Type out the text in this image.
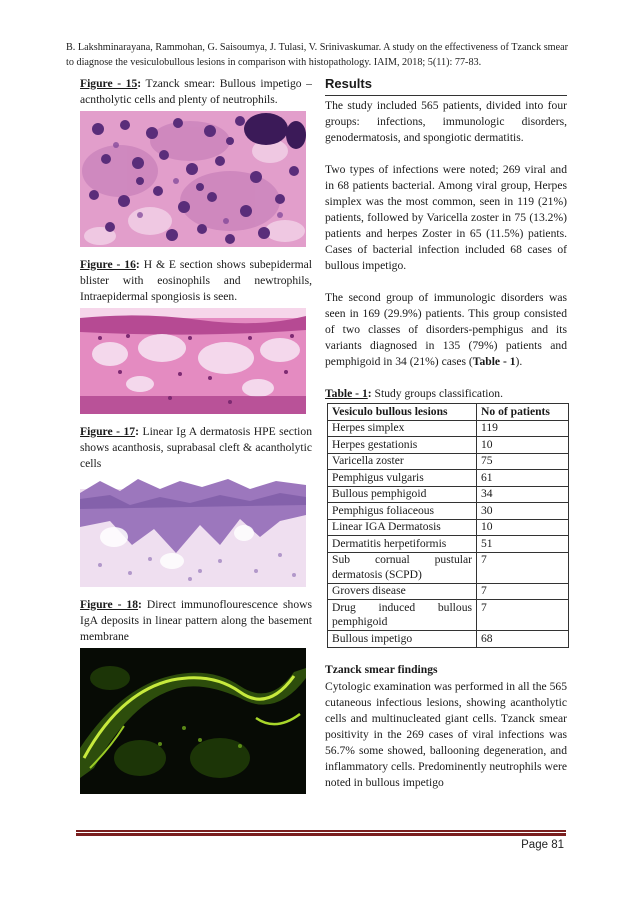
B. Lakshminarayana, Rammohan, G. Saisoumya, J. Tulasi, V. Srinivaskumar. A study on the effectiveness of Tzanck smear to diagnose the vesiculobullous lesions in comparison with histopathology. IAIM, 2018; 5(11): 77-83.

Figure - 15: Tzanck smear: Bullous impetigo – acntholytic cells and plenty of neutrophils.

Figure - 16: H & E section shows subepidermal blister with eosinophils and newtrophils, Intraepidermal spongiosis is seen.

Figure - 17: Linear Ig A dermatosis HPE section shows acanthosis, suprabasal cleft & acantholytic cells

Figure - 18: Direct immunoflourescence shows IgA deposits in linear pattern along the basement membrane

Results

The study included 565 patients, divided into four groups: infections, immunologic disorders, genodermatosis, and spongiotic dermatitis.

Two types of infections were noted; 269 viral and in 68 patients bacterial. Among viral group, Herpes simplex was the most common, seen in 119 (21%) patients, followed by Varicella zoster in 75 (13.2%) patients and herpes Zoster in 65 (11.5%) patients. Cases of bacterial infection included 68 cases of bullous impetigo.

The second group of immunologic disorders was seen in 169 (29.9%) patients. This group consisted of two classes of disorders-pemphigus and its variants diagnosed in 135 (79%) patients and pemphigoid in 34 (21%) cases (Table - 1).

Table - 1: Study groups classification.

Vesiculo bullous lesions	No of patients
Herpes simplex	119
Herpes gestationis	10
Varicella zoster	75
Pemphigus vulgaris	61
Bullous pemphigoid	34
Pemphigus foliaceous	30
Linear IGA Dermatosis	10
Dermatitis herpetiformis	51
Sub cornual pustular dermatosis (SCPD)	7
Grovers disease	7
Drug induced bullous pemphigoid	7
Bullous impetigo	68
Tzanck smear findings

Cytologic examination was performed in all the 565 cutaneous infectious lesions, showing acantholytic cells and multinucleated giant cells. Tzanck smear positivity in the 269 cases of viral infections was 56.7% some showed, ballooning degeneration, and inflammatory cells. Predominently neutrophils were noted in bullous impetigo

Page 81
